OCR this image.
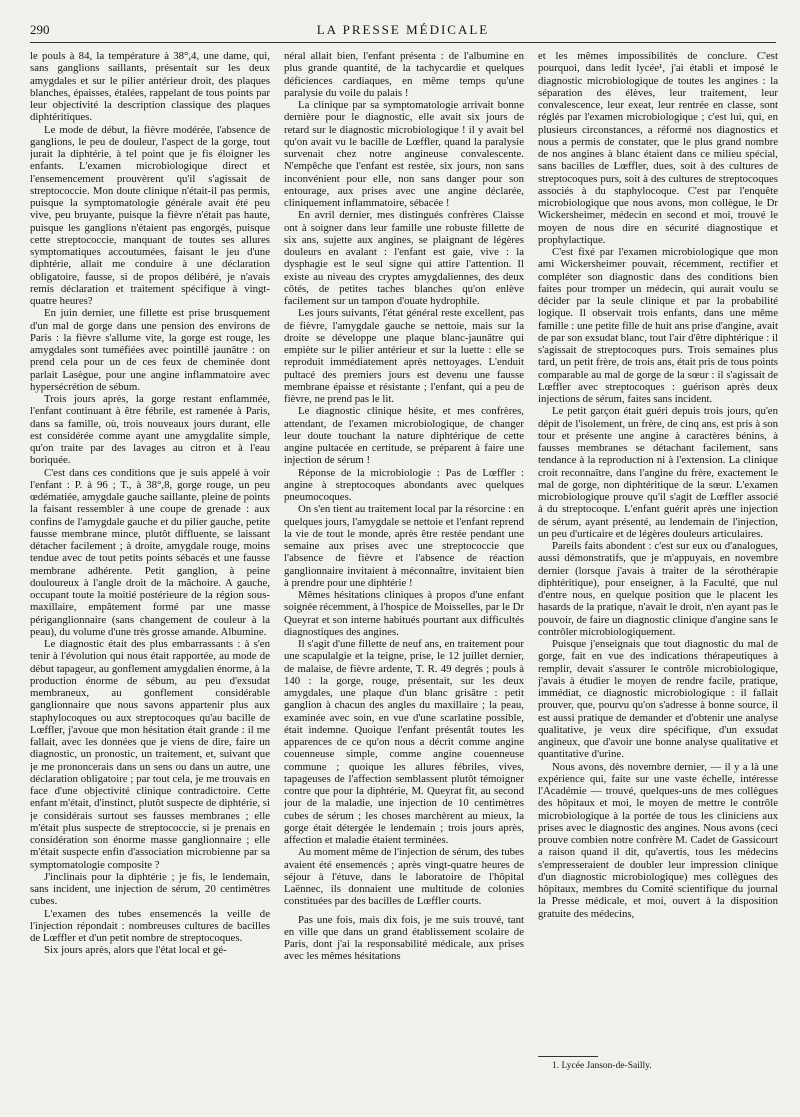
290	LA PRESSE MÉDICALE

le pouls à 84, la température à 38°,4, une dame, qui, sans ganglions saillants, présentait sur les deux amygdales et sur le pilier antérieur droit, des plaques blanches, épaisses, étalées, rappelant de tous points par leur objectivité la description classique des plaques diphtéritiques.

Le mode de début, la fièvre modérée, l'absence de ganglions, le peu de douleur, l'aspect de la gorge, tout jurait la diphtérie, à tel point que je fis éloigner les enfants. L'examen microbiologique direct et l'ensemencement prouvèrent qu'il s'agissait de streptococcie. Mon doute clinique n'était-il pas permis, puisque la symptomatologie générale avait été peu vive, peu bruyante, puisque la fièvre n'était pas haute, puisque les ganglions n'étaient pas engorgés, puisque cette streptococcie, manquant de toutes ses allures symptomatiques accoutumées, faisant le jeu d'une diphtérie, allait me conduire à une déclaration obligatoire, fausse, si de propos délibéré, je n'avais remis déclaration et traitement spécifique à vingt-quatre heures?

En juin dernier, une fillette est prise brusquement d'un mal de gorge dans une pension des environs de Paris : la fièvre s'allume vite, la gorge est rouge, les amygdales sont tuméfiées avec pointillé jaunâtre : on prend cela pour un de ces feux de cheminée dont parlait Lasègue, pour une angine inflammatoire avec hypersécrétion de sébum.

Trois jours après, la gorge restant enflammée, l'enfant continuant à être fébrile, est ramenée à Paris, dans sa famille, où, trois nouveaux jours durant, elle est considérée comme ayant une amygdalite simple, qu'on traite par des lavages au citron et à l'eau boriquée.

C'est dans ces conditions que je suis appelé à voir l'enfant : P. à 96 ; T., à 38°,8, gorge rouge, un peu œdématiée, amygdale gauche saillante, pleine de points la faisant ressembler à une coupe de grenade : aux confins de l'amygdale gauche et du pilier gauche, petite fausse membrane mince, plutôt diffluente, se laissant détacher facilement ; à droite, amygdale rouge, moins tendue avec de tout petits points sébacés et une fausse membrane adhérente. Petit ganglion, à peine douloureux à l'angle droit de la mâchoire. A gauche, occupant toute la moitié postérieure de la région sous-maxillaire, empâtement formé par une masse périganglionnaire (sans changement de couleur à la peau), du volume d'une très grosse amande. Albumine.

Le diagnostic était des plus embarrassants : à s'en tenir à l'évolution qui nous était rapportée, au mode de début tapageur, au gonflement amygdalien énorme, à la production énorme de sébum, au peu d'exsudat membraneux, au gonflement considérable ganglionnaire que nous savons appartenir plus aux staphylocoques ou aux streptocoques qu'au bacille de Lœffler, j'avoue que mon hésitation était grande : il me fallait, avec les données que je viens de dire, faire un diagnostic, un pronostic, un traitement, et, suivant que je me prononcerais dans un sens ou dans un autre, une déclaration obligatoire ; par tout cela, je me trouvais en face d'une objectivité clinique contradictoire. Cette enfant m'était, d'instinct, plutôt suspecte de diphtérie, si je considérais surtout ses fausses membranes ; elle m'était plus suspecte de streptococcie, si je prenais en considération son énorme masse ganglionnaire ; elle m'était suspecte enfin d'association microbienne par sa symptomatologie composite ?

J'inclinais pour la diphtérie ; je fis, le lendemain, sans incident, une injection de sérum, 20 centimètres cubes.

L'examen des tubes ensemencés la veille de l'injection répondait : nombreuses cultures de bacilles de Lœffler et d'un petit nombre de streptocoques.

Six jours après, alors que l'état local et gé-

néral allait bien, l'enfant présenta : de l'albumine en plus grande quantité, de la tachycardie et quelques déficiences cardiaques, en même temps qu'une paralysie du voile du palais !

La clinique par sa symptomatologie arrivait bonne dernière pour le diagnostic, elle avait six jours de retard sur le diagnostic microbiologique ! il y avait bel qu'on avait vu le bacille de Lœffler, quand la paralysie survenait chez notre angineuse convalescente. N'empêche que l'enfant est restée, six jours, non sans inconvénient pour elle, non sans danger pour son entourage, aux prises avec une angine déclarée, cliniquement inflammatoire, sébacée !

En avril dernier, mes distingués confrères Claisse ont à soigner dans leur famille une robuste fillette de six ans, sujette aux angines, se plaignant de légères douleurs en avalant : l'enfant est gaie, vive : la dysphagie est le seul signe qui attire l'attention. Il existe au niveau des cryptes amygdaliennes, des deux côtés, de petites taches blanches qu'on enlève facilement sur un tampon d'ouate hydrophile.

Les jours suivants, l'état général reste excellent, pas de fièvre, l'amygdale gauche se nettoie, mais sur la droite se développe une plaque blanc-jaunâtre qui empiète sur le pilier antérieur et sur la luette : elle se reproduit immédiatement après nettoyages. L'enduit pultacé des premiers jours est devenu une fausse membrane épaisse et résistante ; l'enfant, qui a peu de fièvre, ne prend pas le lit.

Le diagnostic clinique hésite, et mes confrères, attendant, de l'examen microbiologique, de changer leur doute touchant la nature diphtérique de cette angine pultacée en certitude, se préparent à faire une injection de sérum !

Réponse de la microbiologie : Pas de Lœffler : angine à streptocoques abondants avec quelques pneumocoques.

On s'en tient au traitement local par la résorcine : en quelques jours, l'amygdale se nettoie et l'enfant reprend la vie de tout le monde, après être restée pendant une semaine aux prises avec une streptococcie que l'absence de fièvre et l'absence de réaction ganglionnaire invitaient à méconnaître, invitaient bien à prendre pour une diphtérie !

Mêmes hésitations cliniques à propos d'une enfant soignée récemment, à l'hospice de Moisselles, par le Dr Queyrat et son interne habitués pourtant aux difficultés diagnostiques des angines.

Il s'agit d'une fillette de neuf ans, en traitement pour une scapulalgie et la teigne, prise, le 12 juillet dernier, de malaise, de fièvre ardente, T. R. 49 degrés ; pouls à 140 : la gorge, rouge, présentait, sur les deux amygdales, une plaque d'un blanc grisâtre : petit ganglion à chacun des angles du maxillaire ; la peau, examinée avec soin, en vue d'une scarlatine possible, était indemne. Quoique l'enfant présentât toutes les apparences de ce qu'on nous a décrit comme angine couenneuse simple, comme angine couenneuse commune ; quoique les allures fébriles, vives, tapageuses de l'affection semblassent plutôt témoigner contre que pour la diphtérie, M. Queyrat fit, au second jour de la maladie, une injection de 10 centimètres cubes de sérum ; les choses marchèrent au mieux, la gorge était détergée le lendemain ; trois jours après, affection et maladie étaient terminées.

Au moment même de l'injection de sérum, des tubes avaient été ensemencés ; après vingt-quatre heures de séjour à l'étuve, dans le laboratoire de l'hôpital Laënnec, ils donnaient une multitude de colonies constituées par des bacilles de Lœffler courts.

Pas une fois, mais dix fois, je me suis trouvé, tant en ville que dans un grand établissement scolaire de Paris, dont j'ai la responsabilité médicale, aux prises avec les mêmes hésitations

et les mêmes impossibilités de conclure. C'est pourquoi, dans ledit lycée¹, j'ai établi et imposé le diagnostic microbiologique de toutes les angines : la séparation des élèves, leur traitement, leur convalescence, leur exeat, leur rentrée en classe, sont réglés par l'examen microbiologique ; c'est lui, qui, en plusieurs circonstances, a réformé nos diagnostics et nous a permis de constater, que le plus grand nombre de nos angines à blanc étaient dans ce milieu spécial, sans bacilles de Lœffler, dues, soit à des cultures de streptocoques purs, soit à des cultures de streptocoques associés à du staphylocoque. C'est par l'enquête microbiologique que nous avons, mon collègue, le Dr Wickersheimer, médecin en second et moi, trouvé le moyen de nous dire en sécurité diagnostique et prophylactique.

C'est fixé par l'examen microbiologique que mon ami Wickersheimer pouvait, récemment, rectifier et compléter son diagnostic dans des conditions bien faites pour tromper un médecin, qui aurait voulu se décider par la seule clinique et par la probabilité logique. Il observait trois enfants, dans une même famille : une petite fille de huit ans prise d'angine, avait de par son exsudat blanc, tout l'air d'être diphtérique : il s'agissait de streptocoques purs. Trois semaines plus tard, un petit frère, de trois ans, était pris de tous points comparable au mal de gorge de la sœur : il s'agissait de Lœffler avec streptocoques : guérison après deux injections de sérum, faites sans incident.

Le petit garçon était guéri depuis trois jours, qu'en dépit de l'isolement, un frère, de cinq ans, est pris à son tour et présente une angine à caractères bénins, à fausses membranes se détachant facilement, sans tendance à la reproduction ni à l'extension. La clinique croit reconnaître, dans l'angine du frère, exactement le mal de gorge, non diphtéritique de la sœur. L'examen microbiologique prouve qu'il s'agit de Lœffler associé à du streptocoque. L'enfant guérit après une injection de sérum, ayant présenté, au lendemain de l'injection, un peu d'urticaire et de légères douleurs articulaires.

Pareils faits abondent : c'est sur eux ou d'analogues, aussi démonstratifs, que je m'appuyais, en novembre dernier (lorsque j'avais à traiter de la sérothérapie diphtéritique), pour enseigner, à la Faculté, que nul d'entre nous, en quelque position que le placent les hasards de la pratique, n'avait le droit, n'en ayant pas le pouvoir, de faire un diagnostic clinique d'angine sans le contrôler microbiologiquement.

Puisque j'enseignais que tout diagnostic du mal de gorge, fait en vue des indications thérapeutiques à remplir, devait s'assurer le contrôle microbiologique, j'avais à étudier le moyen de rendre facile, pratique, immédiat, ce diagnostic microbiologique : il fallait prouver, que, pourvu qu'on s'adresse à bonne source, il est aussi pratique de demander et d'obtenir une analyse qualitative, je veux dire spécifique, d'un exsudat angineux, que d'avoir une bonne analyse qualitative et quantitative d'urine.

Nous avons, dès novembre dernier, — il y a là une expérience qui, faite sur une vaste échelle, intéresse l'Académie — trouvé, quelques-uns de mes collègues des hôpitaux et moi, le moyen de mettre le contrôle microbiologique à la portée de tous les cliniciens aux prises avec le diagnostic des angines. Nous avons (ceci prouve combien notre confrère M. Cadet de Gassicourt a raison quand il dit, qu'avertis, tous les médecins s'empresseraient de doubler leur impression clinique d'un diagnostic microbiologique) mes collègues des hôpitaux, membres du Comité scientifique du journal la Presse médicale, et moi, ouvert à la disposition gratuite des médecins,

1. Lycée Janson-de-Sailly.
